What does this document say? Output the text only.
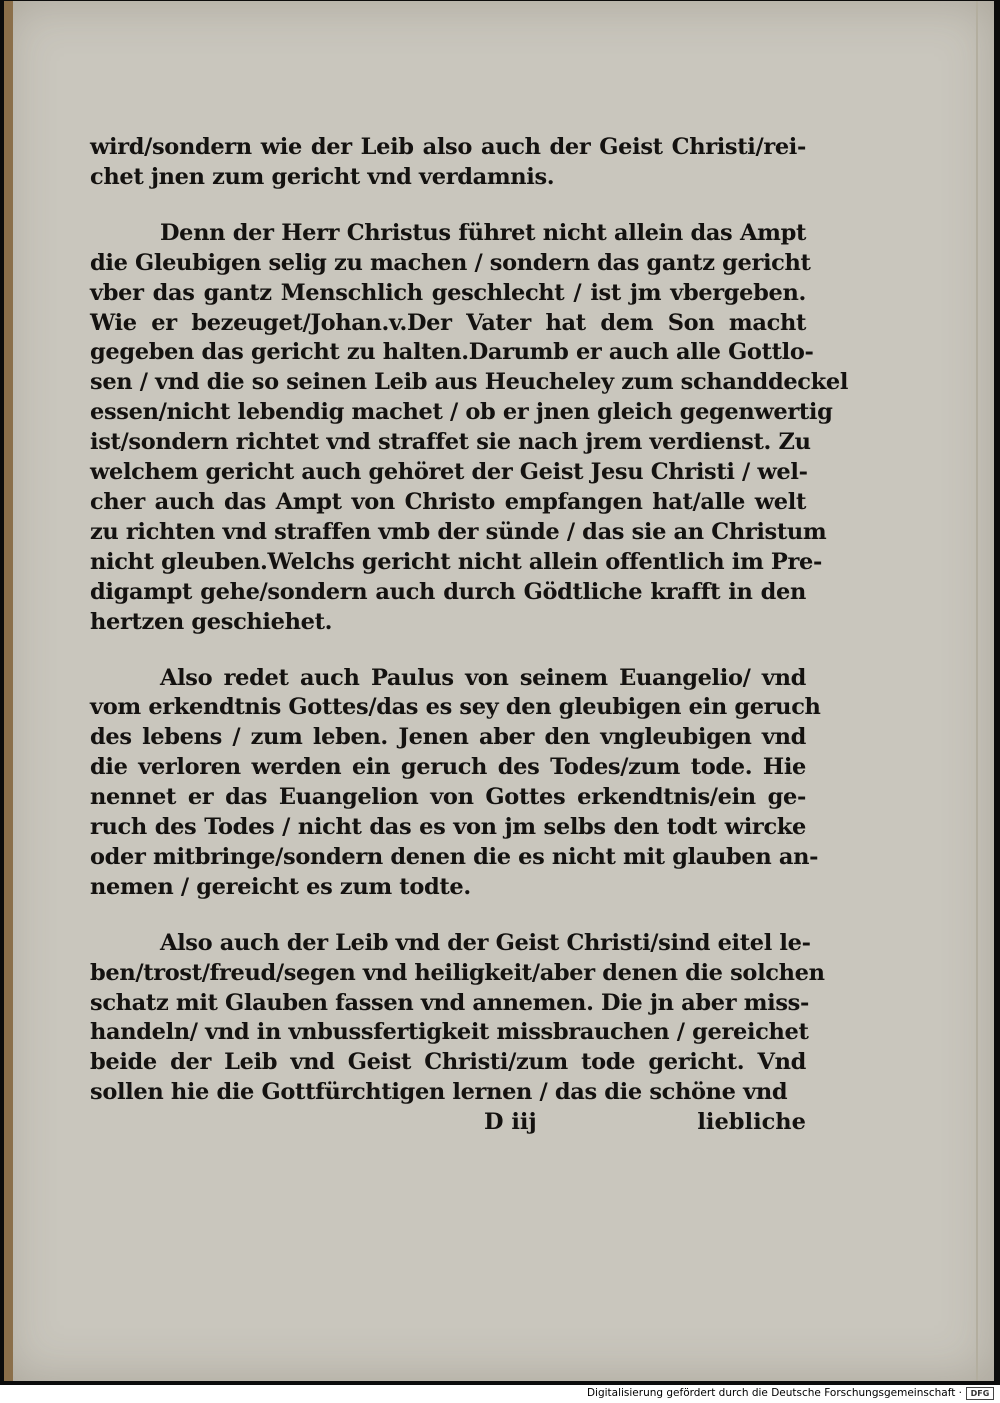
wird/sondern wie der Leib also auch der Geist Christi/rei-
chet jnen zum gericht vnd verdamnis.
Denn der Herr Christus führet nicht allein das Ampt
die Gleubigen selig zu machen / sondern das gantz gericht
vber das gantz Menschlich geschlecht / ist jm vbergeben.
Wie er bezeuget/Johan.v.Der Vater hat dem Son macht
gegeben das gericht zu halten.Darumb er auch alle Gottlo-
sen / vnd die so seinen Leib aus Heucheley zum schanddeckel
essen/nicht lebendig machet / ob er jnen gleich gegenwertig
ist/sondern richtet vnd straffet sie nach jrem verdienst. Zu
welchem gericht auch gehöret der Geist Jesu Christi / wel-
cher auch das Ampt von Christo empfangen hat/alle welt
zu richten vnd straffen vmb der sünde / das sie an Christum
nicht gleuben.Welchs gericht nicht allein offentlich im Pre-
digampt gehe/sondern auch durch Gödtliche krafft in den
hertzen geschiehet.
Also redet auch Paulus von seinem Euangelio/ vnd
vom erkendtnis Gottes/das es sey den gleubigen ein geruch
des lebens / zum leben. Jenen aber den vngleubigen vnd
die verloren werden ein geruch des Todes/zum tode. Hie
nennet er das Euangelion von Gottes erkendtnis/ein ge-
ruch des Todes / nicht das es von jm selbs den todt wircke
oder mitbringe/sondern denen die es nicht mit glauben an-
nemen / gereicht es zum todte.
Also auch der Leib vnd der Geist Christi/sind eitel le-
ben/trost/freud/segen vnd heiligkeit/aber denen die solchen
schatz mit Glauben fassen vnd annemen. Die jn aber miss-
handeln/ vnd in vnbussfertigkeit missbrauchen / gereichet
beide der Leib vnd Geist Christi/zum tode gericht. Vnd
sollen hie die Gottfürchtigen lernen / das die schöne vnd
D iij	liebliche
Digitalisierung gefördert durch die Deutsche Forschungsgemeinschaft ·	DFG
